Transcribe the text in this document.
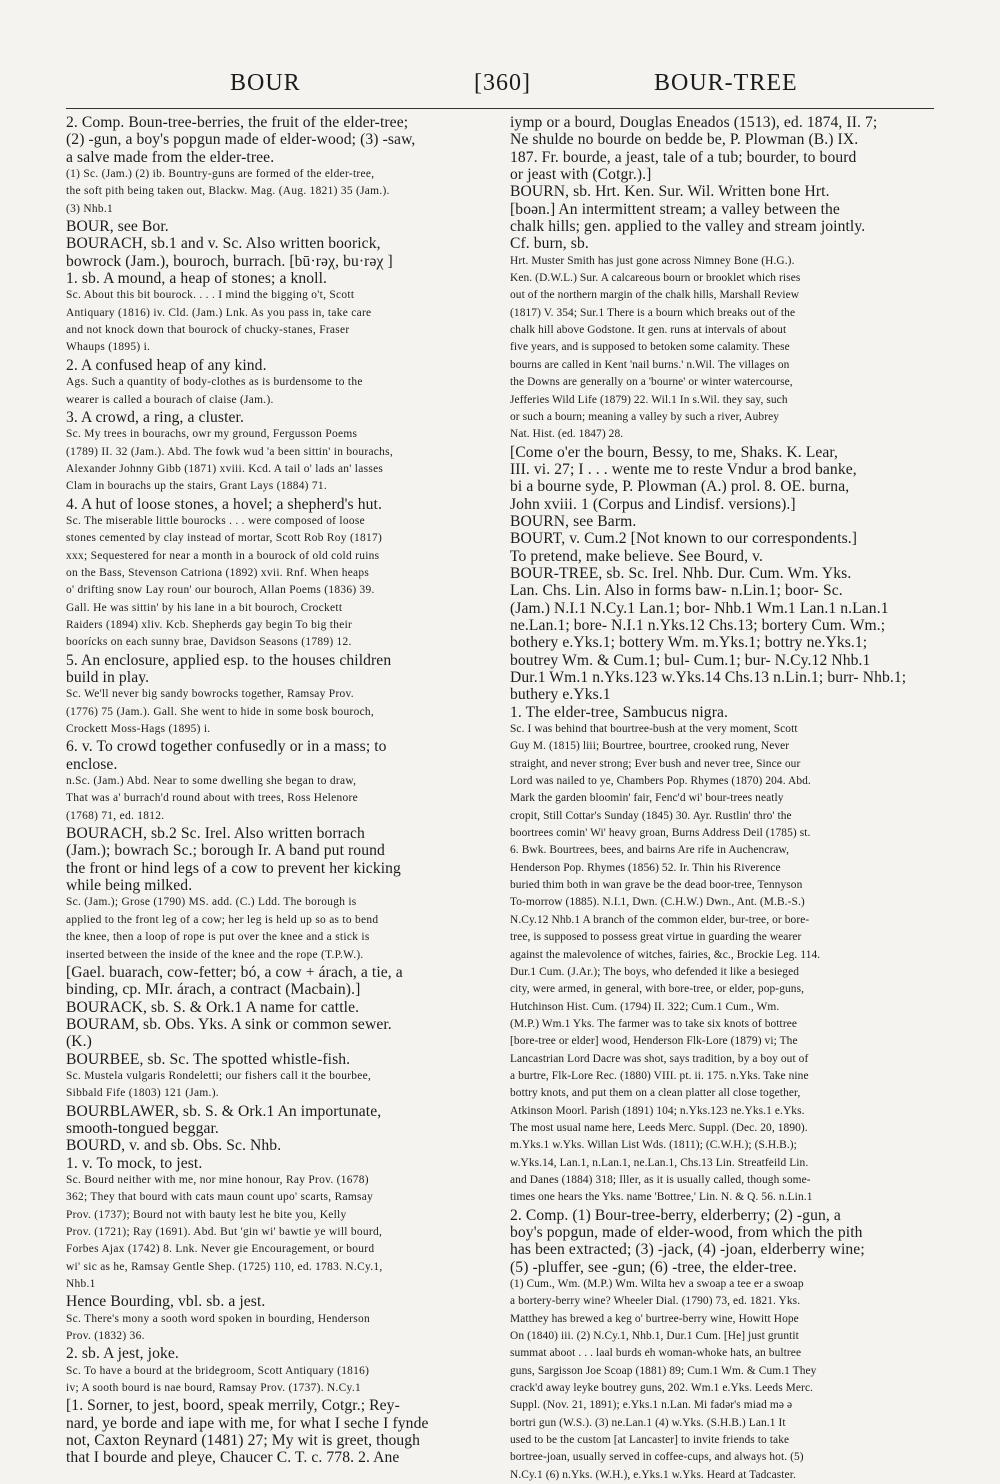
BOUR	[360]	BOUR-TREE
2. Comp. Boun-tree-berries, the fruit of the elder-tree;
(2) -gun, a boy's popgun made of elder-wood; (3) -saw,
a salve made from the elder-tree.
(1) Sc. (Jam.) (2) ib. Bountry-guns are formed of the elder-tree,
the soft pith being taken out, Blackw. Mag. (Aug. 1821) 35 (Jam.).
(3) Nhb.1
BOUR, see Bor.
BOURACH, sb.1 and v. Sc. Also written boorick,
bowrock (Jam.), bouroch, burrach. [bū·rəχ, bu·rəχ ]
1. sb. A mound, a heap of stones; a knoll.
Sc. About this bit bourock. . . . I mind the bigging o't, Scott
Antiquary (1816) iv. Cld. (Jam.) Lnk. As you pass in, take care
and not knock down that bourock of chucky-stanes, Fraser
Whaups (1895) i.
2. A confused heap of any kind.
Ags. Such a quantity of body-clothes as is burdensome to the
wearer is called a bourach of claise (Jam.).
3. A crowd, a ring, a cluster.
Sc. My trees in bourachs, owr my ground, Fergusson Poems
(1789) II. 32 (Jam.). Abd. The fowk wud 'a been sittin' in bourachs,
Alexander Johnny Gibb (1871) xviii. Kcd. A tail o' lads an' lasses
Clam in bourachs up the stairs, Grant Lays (1884) 71.
4. A hut of loose stones, a hovel; a shepherd's hut.
Sc. The miserable little bourocks . . . were composed of loose
stones cemented by clay instead of mortar, Scott Rob Roy (1817)
xxx; Sequestered for near a month in a bourock of old cold ruins
on the Bass, Stevenson Catriona (1892) xvii. Rnf. When heaps
o' drifting snow Lay roun' our bouroch, Allan Poems (1836) 39.
Gall. He was sittin' by his lane in a bit bouroch, Crockett
Raiders (1894) xliv. Kcb. Shepherds gay begin To big their
boorícks on each sunny brae, Davidson Seasons (1789) 12.
5. An enclosure, applied esp. to the houses children
build in play.
Sc. We'll never big sandy bowrocks together, Ramsay Prov.
(1776) 75 (Jam.). Gall. She went to hide in some bosk bouroch,
Crockett Moss-Hags (1895) i.
6. v. To crowd together confusedly or in a mass; to
enclose.
n.Sc. (Jam.) Abd. Near to some dwelling she began to draw,
That was a' burrach'd round about with trees, Ross Helenore
(1768) 71, ed. 1812.
BOURACH, sb.2 Sc. Irel. Also written borrach
(Jam.); bowrach Sc.; borough Ir. A band put round
the front or hind legs of a cow to prevent her kicking
while being milked.
Sc. (Jam.); Grose (1790) MS. add. (C.) Ldd. The borough is
applied to the front leg of a cow; her leg is held up so as to bend
the knee, then a loop of rope is put over the knee and a stick is
inserted between the inside of the knee and the rope (T.P.W.).
[Gael. buarach, cow-fetter; bó, a cow + árach, a tie, a
binding, cp. MIr. árach, a contract (Macbain).]
BOURACK, sb. S. & Ork.1 A name for cattle.
BOURAM, sb. Obs. Yks. A sink or common sewer.
(K.)
BOURBEE, sb. Sc. The spotted whistle-fish.
Sc. Mustela vulgaris Rondeletti; our fishers call it the bourbee,
Sibbald Fife (1803) 121 (Jam.).
BOURBLAWER, sb. S. & Ork.1 An importunate,
smooth-tongued beggar.
BOURD, v. and sb. Obs. Sc. Nhb.
1. v. To mock, to jest.
Sc. Bourd neither with me, nor mine honour, Ray Prov. (1678)
362; They that bourd with cats maun count upo' scarts, Ramsay
Prov. (1737); Bourd not with bauty lest he bite you, Kelly
Prov. (1721); Ray (1691). Abd. But 'gin wi' bawtie ye will bourd,
Forbes Ajax (1742) 8. Lnk. Never gie Encouragement, or bourd
wi' sic as he, Ramsay Gentle Shep. (1725) 110, ed. 1783. N.Cy.1,
Nhb.1
Hence Bourding, vbl. sb. a jest.
Sc. There's mony a sooth word spoken in bourding, Henderson
Prov. (1832) 36.
2. sb. A jest, joke.
Sc. To have a bourd at the bridegroom, Scott Antiquary (1816)
iv; A sooth bourd is nae bourd, Ramsay Prov. (1737). N.Cy.1
[1. Sorner, to jest, boord, speak merrily, Cotgr.; Rey-
nard, ye borde and iape with me, for what I seche I fynde
not, Caxton Reynard (1481) 27; My wit is greet, though
that I bourde and pleye, Chaucer C. T. c. 778. 2. Ane
iymp or a bourd, Douglas Eneados (1513), ed. 1874, II. 7;
Ne shulde no bourde on bedde be, P. Plowman (B.) IX.
187. Fr. bourde, a jeast, tale of a tub; bourder, to bourd
or jeast with (Cotgr.).]
BOURN, sb. Hrt. Ken. Sur. Wil. Written bone Hrt.
[boən.] An intermittent stream; a valley between the
chalk hills; gen. applied to the valley and stream jointly.
Cf. burn, sb.
Hrt. Muster Smith has just gone across Nimney Bone (H.G.).
Ken. (D.W.L.) Sur. A calcareous bourn or brooklet which rises
out of the northern margin of the chalk hills, Marshall Review
(1817) V. 354; Sur.1 There is a bourn which breaks out of the
chalk hill above Godstone. It gen. runs at intervals of about
five years, and is supposed to betoken some calamity. These
bourns are called in Kent 'nail burns.' n.Wil. The villages on
the Downs are generally on a 'bourne' or winter watercourse,
Jefferies Wild Life (1879) 22. Wil.1 In s.Wil. they say, such
or such a bourn; meaning a valley by such a river, Aubrey
Nat. Hist. (ed. 1847) 28.
[Come o'er the bourn, Bessy, to me, Shaks. K. Lear,
III. vi. 27; I . . . wente me to reste Vndur a brod banke,
bi a bourne syde, P. Plowman (A.) prol. 8. OE. burna,
John xviii. 1 (Corpus and Lindisf. versions).]
BOURN, see Barm.
BOURT, v. Cum.2 [Not known to our correspondents.]
To pretend, make believe. See Bourd, v.
BOUR-TREE, sb. Sc. Irel. Nhb. Dur. Cum. Wm. Yks.
Lan. Chs. Lin. Also in forms baw- n.Lin.1; boor- Sc.
(Jam.) N.I.1 N.Cy.1 Lan.1; bor- Nhb.1 Wm.1 Lan.1 n.Lan.1
ne.Lan.1; bore- N.I.1 n.Yks.12 Chs.13; bortery Cum. Wm.;
bothery e.Yks.1; bottery Wm. m.Yks.1; bottry ne.Yks.1;
boutrey Wm. & Cum.1; bul- Cum.1; bur- N.Cy.12 Nhb.1
Dur.1 Wm.1 n.Yks.123 w.Yks.14 Chs.13 n.Lin.1; burr- Nhb.1;
buthery e.Yks.1
1. The elder-tree, Sambucus nigra.
Sc. I was behind that bourtree-bush at the very moment, Scott
Guy M. (1815) liii; Bourtree, bourtree, crooked rung, Never
straight, and never strong; Ever bush and never tree, Since our
Lord was nailed to ye, Chambers Pop. Rhymes (1870) 204. Abd.
Mark the garden bloomin' fair, Fenc'd wi' bour-trees neatly
cropit, Still Cottar's Sunday (1845) 30. Ayr. Rustlin' thro' the
boortrees comin' Wi' heavy groan, Burns Address Deil (1785) st.
6. Bwk. Bourtrees, bees, and bairns Are rife in Auchencraw,
Henderson Pop. Rhymes (1856) 52. Ir. Thin his Riverence
buried thim both in wan grave be the dead boor-tree, Tennyson
To-morrow (1885). N.I.1, Dwn. (C.H.W.) Dwn., Ant. (M.B.-S.)
N.Cy.12 Nhb.1 A branch of the common elder, bur-tree, or bore-
tree, is supposed to possess great virtue in guarding the wearer
against the malevolence of witches, fairies, &c., Brockie Leg. 114.
Dur.1 Cum. (J.Ar.); The boys, who defended it like a besieged
city, were armed, in general, with bore-tree, or elder, pop-guns,
Hutchinson Hist. Cum. (1794) II. 322; Cum.1 Cum., Wm.
(M.P.) Wm.1 Yks. The farmer was to take six knots of bottree
[bore-tree or elder] wood, Henderson Flk-Lore (1879) vi; The
Lancastrian Lord Dacre was shot, says tradition, by a boy out of
a burtre, Flk-Lore Rec. (1880) VIII. pt. ii. 175. n.Yks. Take nine
bottry knots, and put them on a clean platter all close together,
Atkinson Moorl. Parish (1891) 104; n.Yks.123 ne.Yks.1 e.Yks.
The most usual name here, Leeds Merc. Suppl. (Dec. 20, 1890).
m.Yks.1 w.Yks. Willan List Wds. (1811); (C.W.H.); (S.H.B.);
w.Yks.14, Lan.1, n.Lan.1, ne.Lan.1, Chs.13 Lin. Streatfeild Lin.
and Danes (1884) 318; Iller, as it is usually called, though some-
times one hears the Yks. name 'Bottree,' Lin. N. & Q. 56. n.Lin.1
2. Comp. (1) Bour-tree-berry, elderberry; (2) -gun, a
boy's popgun, made of elder-wood, from which the pith
has been extracted; (3) -jack, (4) -joan, elderberry wine;
(5) -pluffer, see -gun; (6) -tree, the elder-tree.
(1) Cum., Wm. (M.P.) Wm. Wilta hev a swoap a tee er a swoap
a bortery-berry wine? Wheeler Dial. (1790) 73, ed. 1821. Yks.
Matthey has brewed a keg o' burtree-berry wine, Howitt Hope
On (1840) iii. (2) N.Cy.1, Nhb.1, Dur.1 Cum. [He] just gruntit
summat aboot . . . laal burds eh woman-whoke hats, an bultree
guns, Sargisson Joe Scoap (1881) 89; Cum.1 Wm. & Cum.1 They
crack'd away leyke boutrey guns, 202. Wm.1 e.Yks. Leeds Merc.
Suppl. (Nov. 21, 1891); e.Yks.1 n.Lan. Mi fadər's miad mə ə
bortri gun (W.S.). (3) ne.Lan.1 (4) w.Yks. (S.H.B.) Lan.1 It
used to be the custom [at Lancaster] to invite friends to take
bortree-joan, usually served in coffee-cups, and always hot. (5)
N.Cy.1 (6) n.Yks. (W.H.), e.Yks.1 w.Yks. Heard at Tadcaster.
